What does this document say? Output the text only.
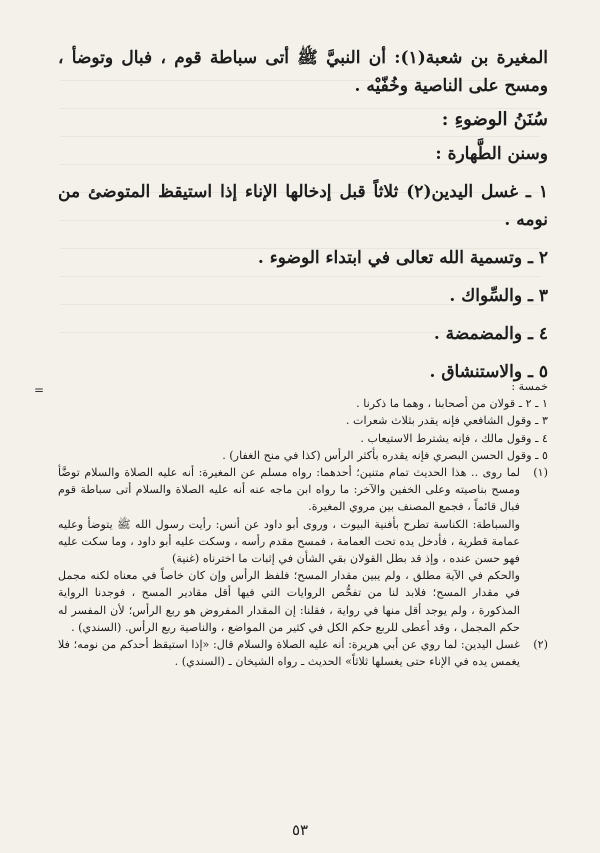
المغيرة بن شعبة(١): أن النبيَّ ﷺ أتى سباطة قوم ، فبال وتوضأ ، ومسح على الناصية وخُفّيْه .

سُنَنُ الوضوءِ :

وسنن الطَّهارة :

١ ـ غسل اليدين(٢) ثلاثاً قبل إدخالها الإناء إذا استيقظ المتوضئ من نومه .

٢ ـ وتسمية الله تعالى في ابتداء الوضوء .

٣ ـ والسِّواك .

٤ ـ والمضمضة .

٥ ـ والاستنشاق .

=	خمسة :

١ ـ ٢ ـ قولان من أصحابنا ، وهما ما ذكرنا .

٣ ـ وقول الشافعي فإنه يقدر بثلاث شعرات .

٤ ـ وقول مالك ، فإنه يشترط الاستيعاب .

٥ ـ وقول الحسن البصري فإنه يقدره بأكثر الرأس (كذا في منح الغفار) .

(١)

لما روى .. هذا الحديث تمام متنين؛ أحدهما: رواه مسلم عن المغيرة: أنه عليه الصلاة والسلام توضَّأ ومسح بناصيته وعلى الخفين والآخر: ما رواه ابن ماجه عنه أنه عليه الصلاة والسلام أتى سباطة قوم فبال قائماً ، فجمع المصنف بين مروي المغيرة.

والسباطة: الكناسة تطرح بأفنية البيوت ، وروى أبو داود عن أنس: رأيت رسول الله ﷺ يتوضأ وعليه عمامة قطرية ، فأدخل يده تحت العمامة ، فمسح مقدم رأسه ، وسكت عليه أبو داود ، وما سكت عليه فهو حسن عنده ، وإذ قد بطل القولان بقي الشأن في إثبات ما اخترناه (غنية)

والحكم في الآية مطلق ، ولم يبين مقدار المسح؛ فلفظ الرأس وإن كان خاصاً في معناه لكنه مجمل في مقدار المسح؛ فلابد لنا من تفحُّص الروايات التي فيها أقل مقادير المسح ، فوجدنا الرواية المذكورة ، ولم يوجد أقل منها في رواية ، فقلنا: إن المقدار المفروض هو ربع الرأس؛ لأن المفسر له حكم المجمل ، وقد أعطى للربع حكم الكل في كثير من المواضع ، والناصية ربع الرأس. (السندي) .

(٢)

غسل اليدين: لما روي عن أبي هريرة: أنه عليه الصلاة والسلام قال: «إذا استيقظ أحدكم من نومه؛ فلا يغمس يده في الإناء حتى يغسلها ثلاثاً» الحديث ـ رواه الشيخان ـ (السندي) .

٥٣
